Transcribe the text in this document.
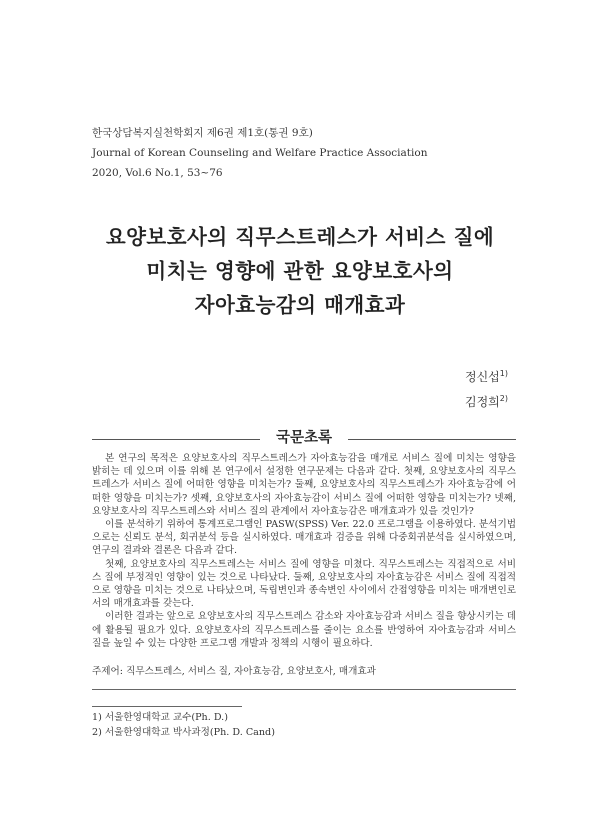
한국상담복지실천학회지 제6권 제1호(통권 9호)
Journal of Korean Counseling and Welfare Practice Association
2020, Vol.6 No.1, 53~76
요양보호사의 직무스트레스가 서비스 질에
미치는 영향에 관한 요양보호사의
자아효능감의 매개효과
정신섭$^{1)}$
김정희$^{2)}$
국문초록

본 연구의 목적은 요양보호사의 직무스트레스가 자아효능감을 매개로 서비스 질에 미치는 영향을 밝히는 데 있으며 이를 위해 본 연구에서 설정한 연구문제는 다음과 같다. 첫째, 요양보호사의 직무스트레스가 서비스 질에 어떠한 영향을 미치는가? 둘째, 요양보호사의 직무스트레스가 자아효능감에 어떠한 영향을 미치는가? 셋째, 요양보호사의 자아효능감이 서비스 질에 어떠한 영향을 미치는가? 넷째, 요양보호사의 직무스트레스와 서비스 질의 관계에서 자아효능감은 매개효과가 있을 것인가?

이를 분석하기 위하여 통계프로그램인 PASW(SPSS) Ver. 22.0 프로그램을 이용하였다. 분석기법으로는 신뢰도 분석, 회귀분석 등을 실시하였다. 매개효과 검증을 위해 다중회귀분석을 실시하였으며, 연구의 결과와 결론은 다음과 같다.

첫째, 요양보호사의 직무스트레스는 서비스 질에 영향을 미쳤다. 직무스트레스는 직접적으로 서비스 질에 부정적인 영향이 있는 것으로 나타났다. 둘째, 요양보호사의 자아효능감은 서비스 질에 직접적으로 영향을 미치는 것으로 나타났으며, 독립변인과 종속변인 사이에서 간접영향을 미치는 매개변인로서의 매개효과를 갖는다.

이러한 결과는 앞으로 요양보호사의 직무스트레스 감소와 자아효능감과 서비스 질을 향상시키는 데에 활용될 필요가 있다. 요양보호사의 직무스트레스를 줄이는 요소를 반영하여 자아효능감과 서비스 질을 높일 수 있는 다양한 프로그램 개발과 정책의 시행이 필요하다.

주제어: 직무스트레스, 서비스 질, 자아효능감, 요양보호사, 매개효과
1) 서울한영대학교 교수(Ph. D.)
2) 서울한영대학교 박사과정(Ph. D. Cand)
